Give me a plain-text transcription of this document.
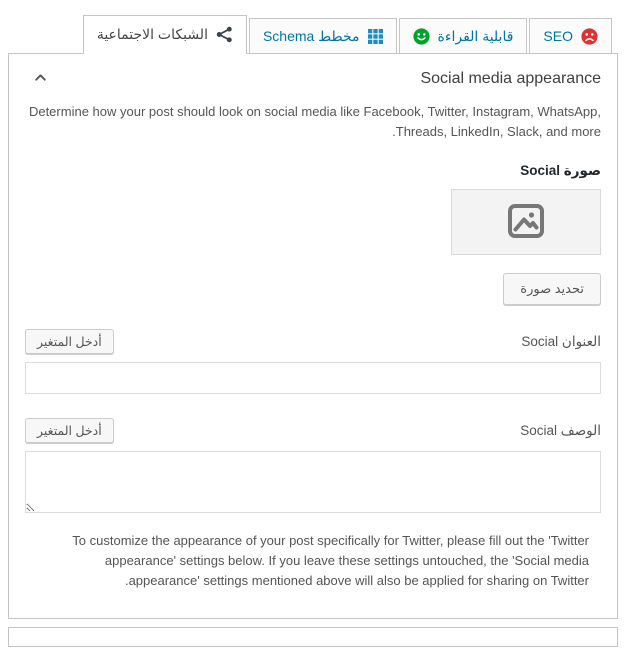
SEO
قابلية القراءة
مخطط Schema
الشبكات الاجتماعية
Social media appearance

Determine how your post should look on social media like Facebook, Twitter, Instagram, WhatsApp, Threads, LinkedIn, Slack, and more.

صورة Social
تحديد صورة
العنوان Social
أدخل المتغير
الوصف Social
أدخل المتغير

To customize the appearance of your post specifically for Twitter, please fill out the 'Twitter appearance' settings below. If you leave these settings untouched, the 'Social media appearance' settings mentioned above will also be applied for sharing on Twitter.
